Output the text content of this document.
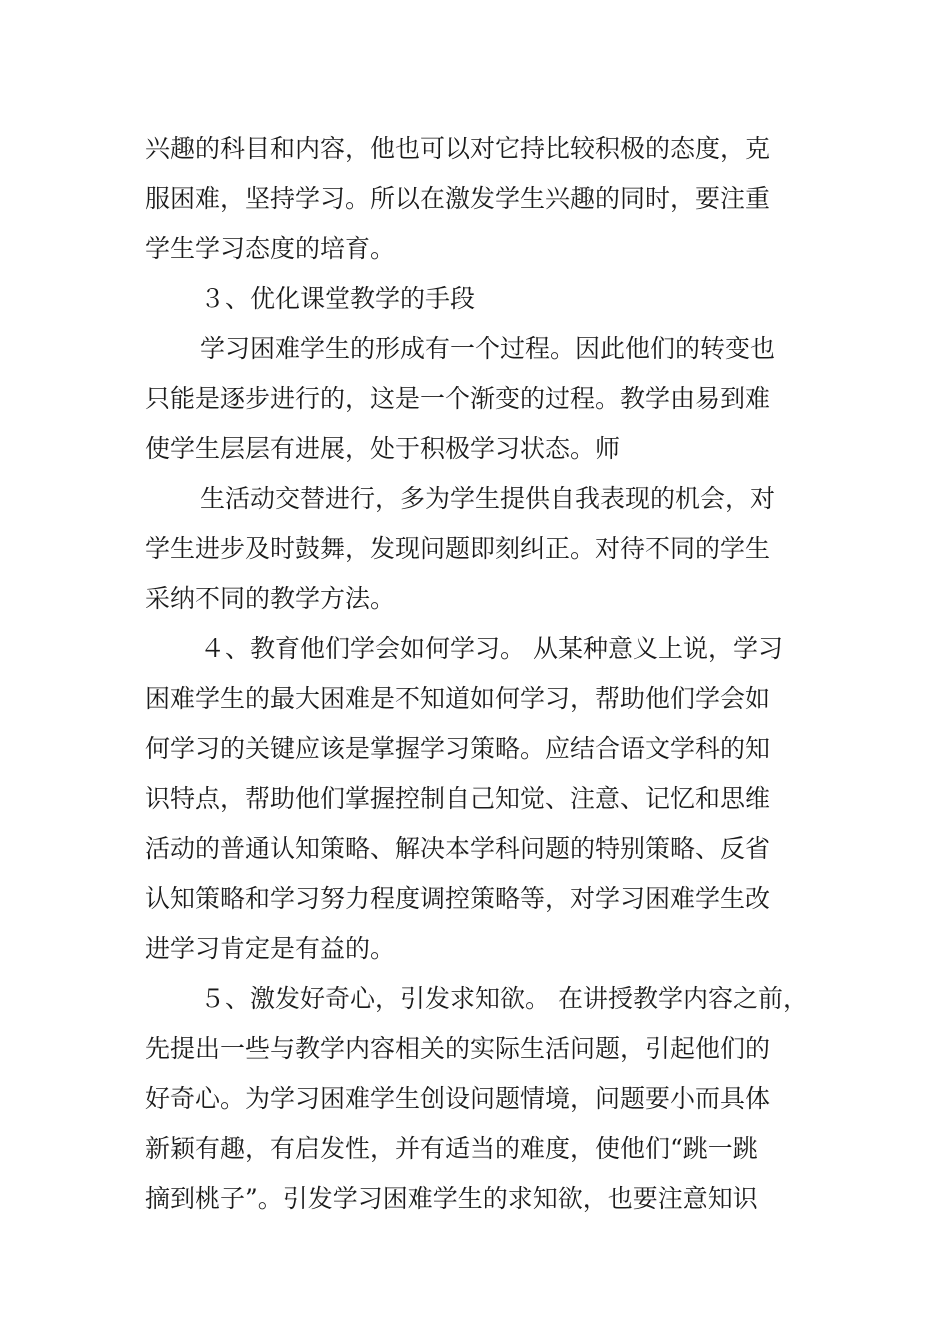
兴趣的科目和内容，他也可以对它持比较积极的态度，克
服困难，坚持学习。所以在激发学生兴趣的同时，要注重
学生学习态度的培育。
３、优化课堂教学的手段
学习困难学生的形成有一个过程。因此他们的转变也
只能是逐步进行的，这是一个渐变的过程。教学由易到难
使学生层层有进展，处于积极学习状态。师
生活动交替进行，多为学生提供自我表现的机会，对
学生进步及时鼓舞，发现问题即刻纠正。对待不同的学生
采纳不同的教学方法。
４、教育他们学会如何学习。 从某种意义上说，学习
困难学生的最大困难是不知道如何学习，帮助他们学会如
何学习的关键应该是掌握学习策略。应结合语文学科的知
识特点，帮助他们掌握控制自己知觉、注意、记忆和思维
活动的普通认知策略、解决本学科问题的特别策略、反省
认知策略和学习努力程度调控策略等，对学习困难学生改
进学习肯定是有益的。
５、激发好奇心，引发求知欲。 在讲授教学内容之前，
先提出一些与教学内容相关的实际生活问题，引起他们的
好奇心。为学习困难学生创设问题情境，问题要小而具体
新颖有趣，有启发性，并有适当的难度，使他们“跳一跳
摘到桃子”。引发学习困难学生的求知欲，也要注意知识
